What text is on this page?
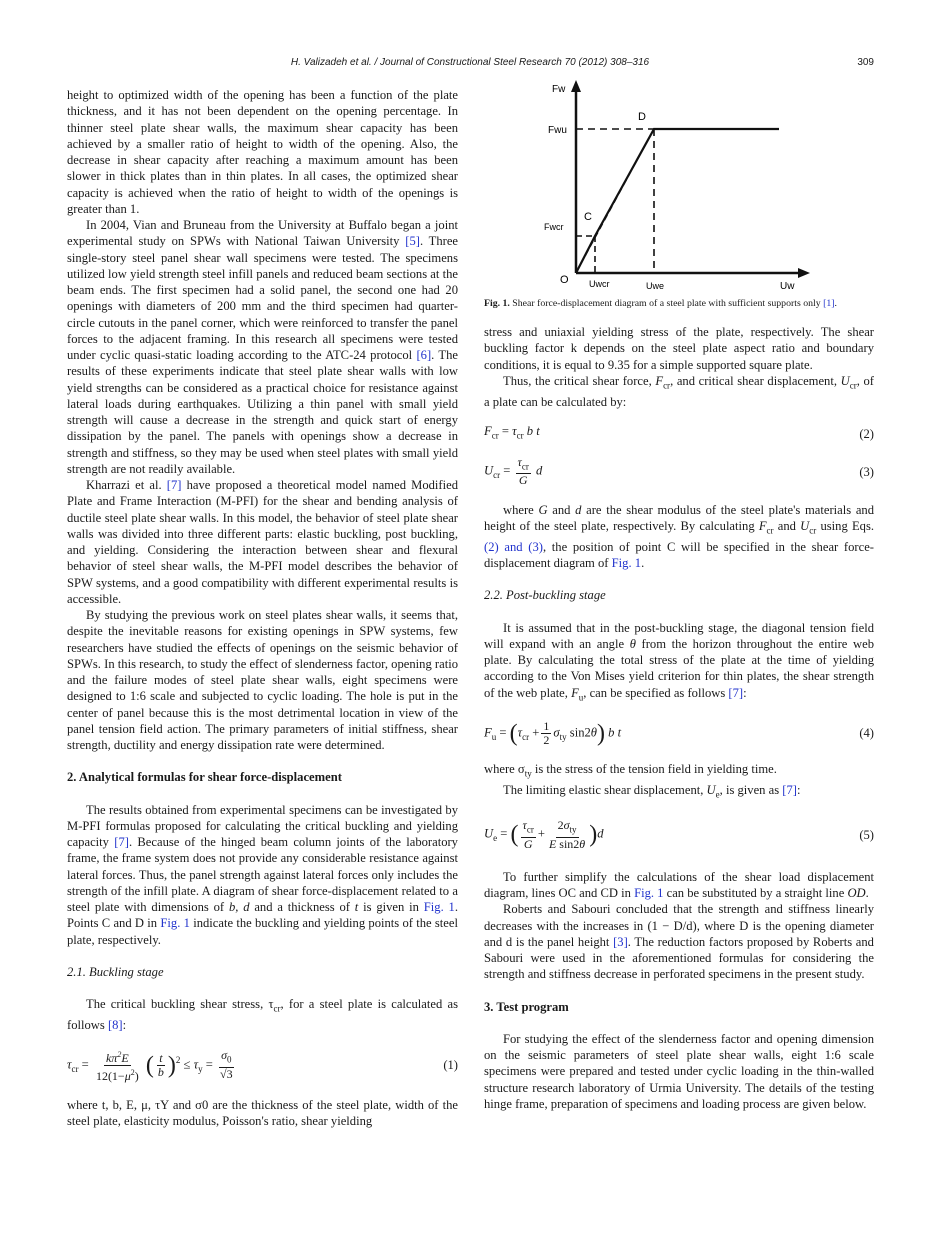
H. Valizadeh et al. / Journal of Constructional Steel Research 70 (2012) 308–316	309

height to optimized width of the opening has been a function of the plate thickness, and it has not been dependent on the opening percentage. In thinner steel plate shear walls, the maximum shear capacity has been achieved by a smaller ratio of height to width of the opening. Also, the decrease in shear capacity after reaching a maximum amount has been slower in thick plates than in thin plates. In all cases, the optimized shear capacity is achieved when the ratio of height to width of the openings is greater than 1.

In 2004, Vian and Bruneau from the University at Buffalo began a joint experimental study on SPWs with National Taiwan University [5]. Three single-story steel panel shear wall specimens were tested. The specimens utilized low yield strength steel infill panels and reduced beam sections at the beam ends. The first specimen had a solid panel, the second one had 20 openings with diameters of 200 mm and the third specimen had quarter-circle cutouts in the panel corner, which were reinforced to transfer the panel forces to the adjacent framing. In this research all specimens were tested under cyclic quasi-static loading according to the ATC-24 protocol [6]. The results of these experiments indicate that steel plate shear walls with low yield strengths can be considered as a practical choice for resistance against lateral loads during earthquakes. Utilizing a thin panel with small yield strength will cause a decrease in the strength and quick start of energy dissipation by the panel. The panels with openings show a decrease in strength and stiffness, so they may be used when steel plates with small yield strength are not readily available.

Kharrazi et al. [7] have proposed a theoretical model named Modified Plate and Frame Interaction (M-PFI) for the shear and bending analysis of ductile steel plate shear walls. In this model, the behavior of steel plate shear walls was divided into three different parts: elastic buckling, post buckling, and yielding. Considering the interaction between shear and flexural behavior of steel shear walls, the M-PFI model describes the behavior of SPW systems, and a good compatibility with different experimental results is accessible.

By studying the previous work on steel plates shear walls, it seems that, despite the inevitable reasons for existing openings in SPW systems, few researchers have studied the effects of openings on the seismic behavior of SPWs. In this research, to study the effect of slenderness factor, opening ratio and the failure modes of steel plate shear walls, eight specimens were designed to 1:6 scale and subjected to cyclic loading. The hole is put in the center of panel because this is the most detrimental location in view of the panel tension field action. The primary parameters of initial stiffness, shear strength, ductility and energy dissipation rate were determined.

2. Analytical formulas for shear force-displacement

The results obtained from experimental specimens can be investigated by M-PFI formulas proposed for calculating the critical buckling and yielding capacity [7]. Because of the hinged beam column joints of the laboratory frame, the frame system does not provide any considerable resistance against lateral forces. Thus, the panel strength against lateral forces only includes the strength of the infill plate. A diagram of shear force-displacement related to a steel plate with dimensions of b, d and a thickness of t is given in Fig. 1. Points C and D in Fig. 1 indicate the buckling and yielding points of the steel plate, respectively.

2.1. Buckling stage

The critical buckling shear stress, $\tau_{cr}$, for a steel plate is calculated as follows [8]:

$\tau_{cr} = \frac{k\pi^2E}{12(1-\mu^2)}$ ( $\frac{t}{b} )^2 \le \tau_y = \frac{\sigma_0}{√3}$	(1)

where t, b, E, μ, τY and σ0 are the thickness of the steel plate, width of the steel plate, elasticity modulus, Poisson's ratio, shear yielding

Fw
Fwu
Fwcr
D
C
O Uwcr	Uwe	Uw
Fig. 1. Shear force-displacement diagram of a steel plate with sufficient supports only [1].

stress and uniaxial yielding stress of the plate, respectively. The shear buckling factor k depends on the steel plate aspect ratio and boundary conditions, it is equal to 9.35 for a simple supported square plate.

Thus, the critical shear force, $F_{cr}$, and critical shear displacement, $U_{cr}$, of a plate can be calculated by:

$F_{cr} = \tau_{cr}$ b t	(2)
$U_{cr} = \frac{\tau_{cr}}{G}$ d	(3)

where G and d are the shear modulus of the steel plate's materials and height of the steel plate, respectively. By calculating $F_{cr}$ and $U_{cr}$ using Eqs. (2) and (3), the position of point C will be specified in the shear force-displacement diagram of Fig. 1.

2.2. Post-buckling stage

It is assumed that in the post-buckling stage, the diagonal tension field will expand with an angle θ from the horizon throughout the entire web plate. By calculating the total stress of the plate at the time of yielding according to the Von Mises yield criterion for thin plates, the shear strength of the web plate, $F_u$, can be specified as follows [7]:

$F_u = (\tau_{cr} + \frac{1}{2} \sigma_{ty}$ sin2θ) b t	(4)

where $\sigma_{ty}$ is the stress of the tension field in yielding time.

The limiting elastic shear displacement, $U_e$, is given as [7]:

$U_e$ = ( $\frac{\tau_{cr}}{G} + \frac{2\sigma_{ty}}{\text{E sin2θ}} )d$	(5)

To further simplify the calculations of the shear load displacement diagram, lines OC and CD in Fig. 1 can be substituted by a straight line OD.

Roberts and Sabouri concluded that the strength and stiffness linearly decreases with the increases in (1 − D/d), where D is the opening diameter and d is the panel height [3]. The reduction factors proposed by Roberts and Sabouri were used in the aforementioned formulas for considering the strength and stiffness decrease in perforated specimens in the present study.

3. Test program

For studying the effect of the slenderness factor and opening dimension on the seismic parameters of steel plate shear walls, eight 1:6 scale specimens were prepared and tested under cyclic loading in the thin-walled structure research laboratory of Urmia University. The details of the testing hinge frame, preparation of specimens and loading process are given below.
